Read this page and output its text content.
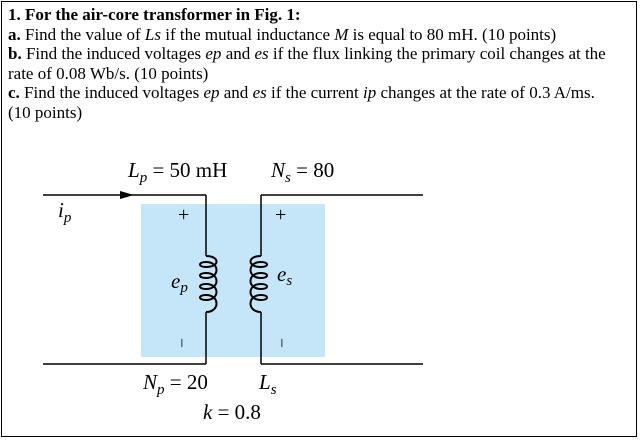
1. For the air-core transformer in Fig. 1:
a. Find the value of Ls if the mutual inductance M is equal to 80 mH. (10 points)
b. Find the induced voltages ep and es if the flux linking the primary coil changes at the
rate of 0.08 Wb/s. (10 points)
c. Find the induced voltages ep and es if the current ip changes at the rate of 0.3 A/ms.
(10 points)
$L_p = 50$ mH $N_s = 80$
$i_p$	+	+
ep
es
–	–
$N_p = 20$ $L_s$
k = 0.8
